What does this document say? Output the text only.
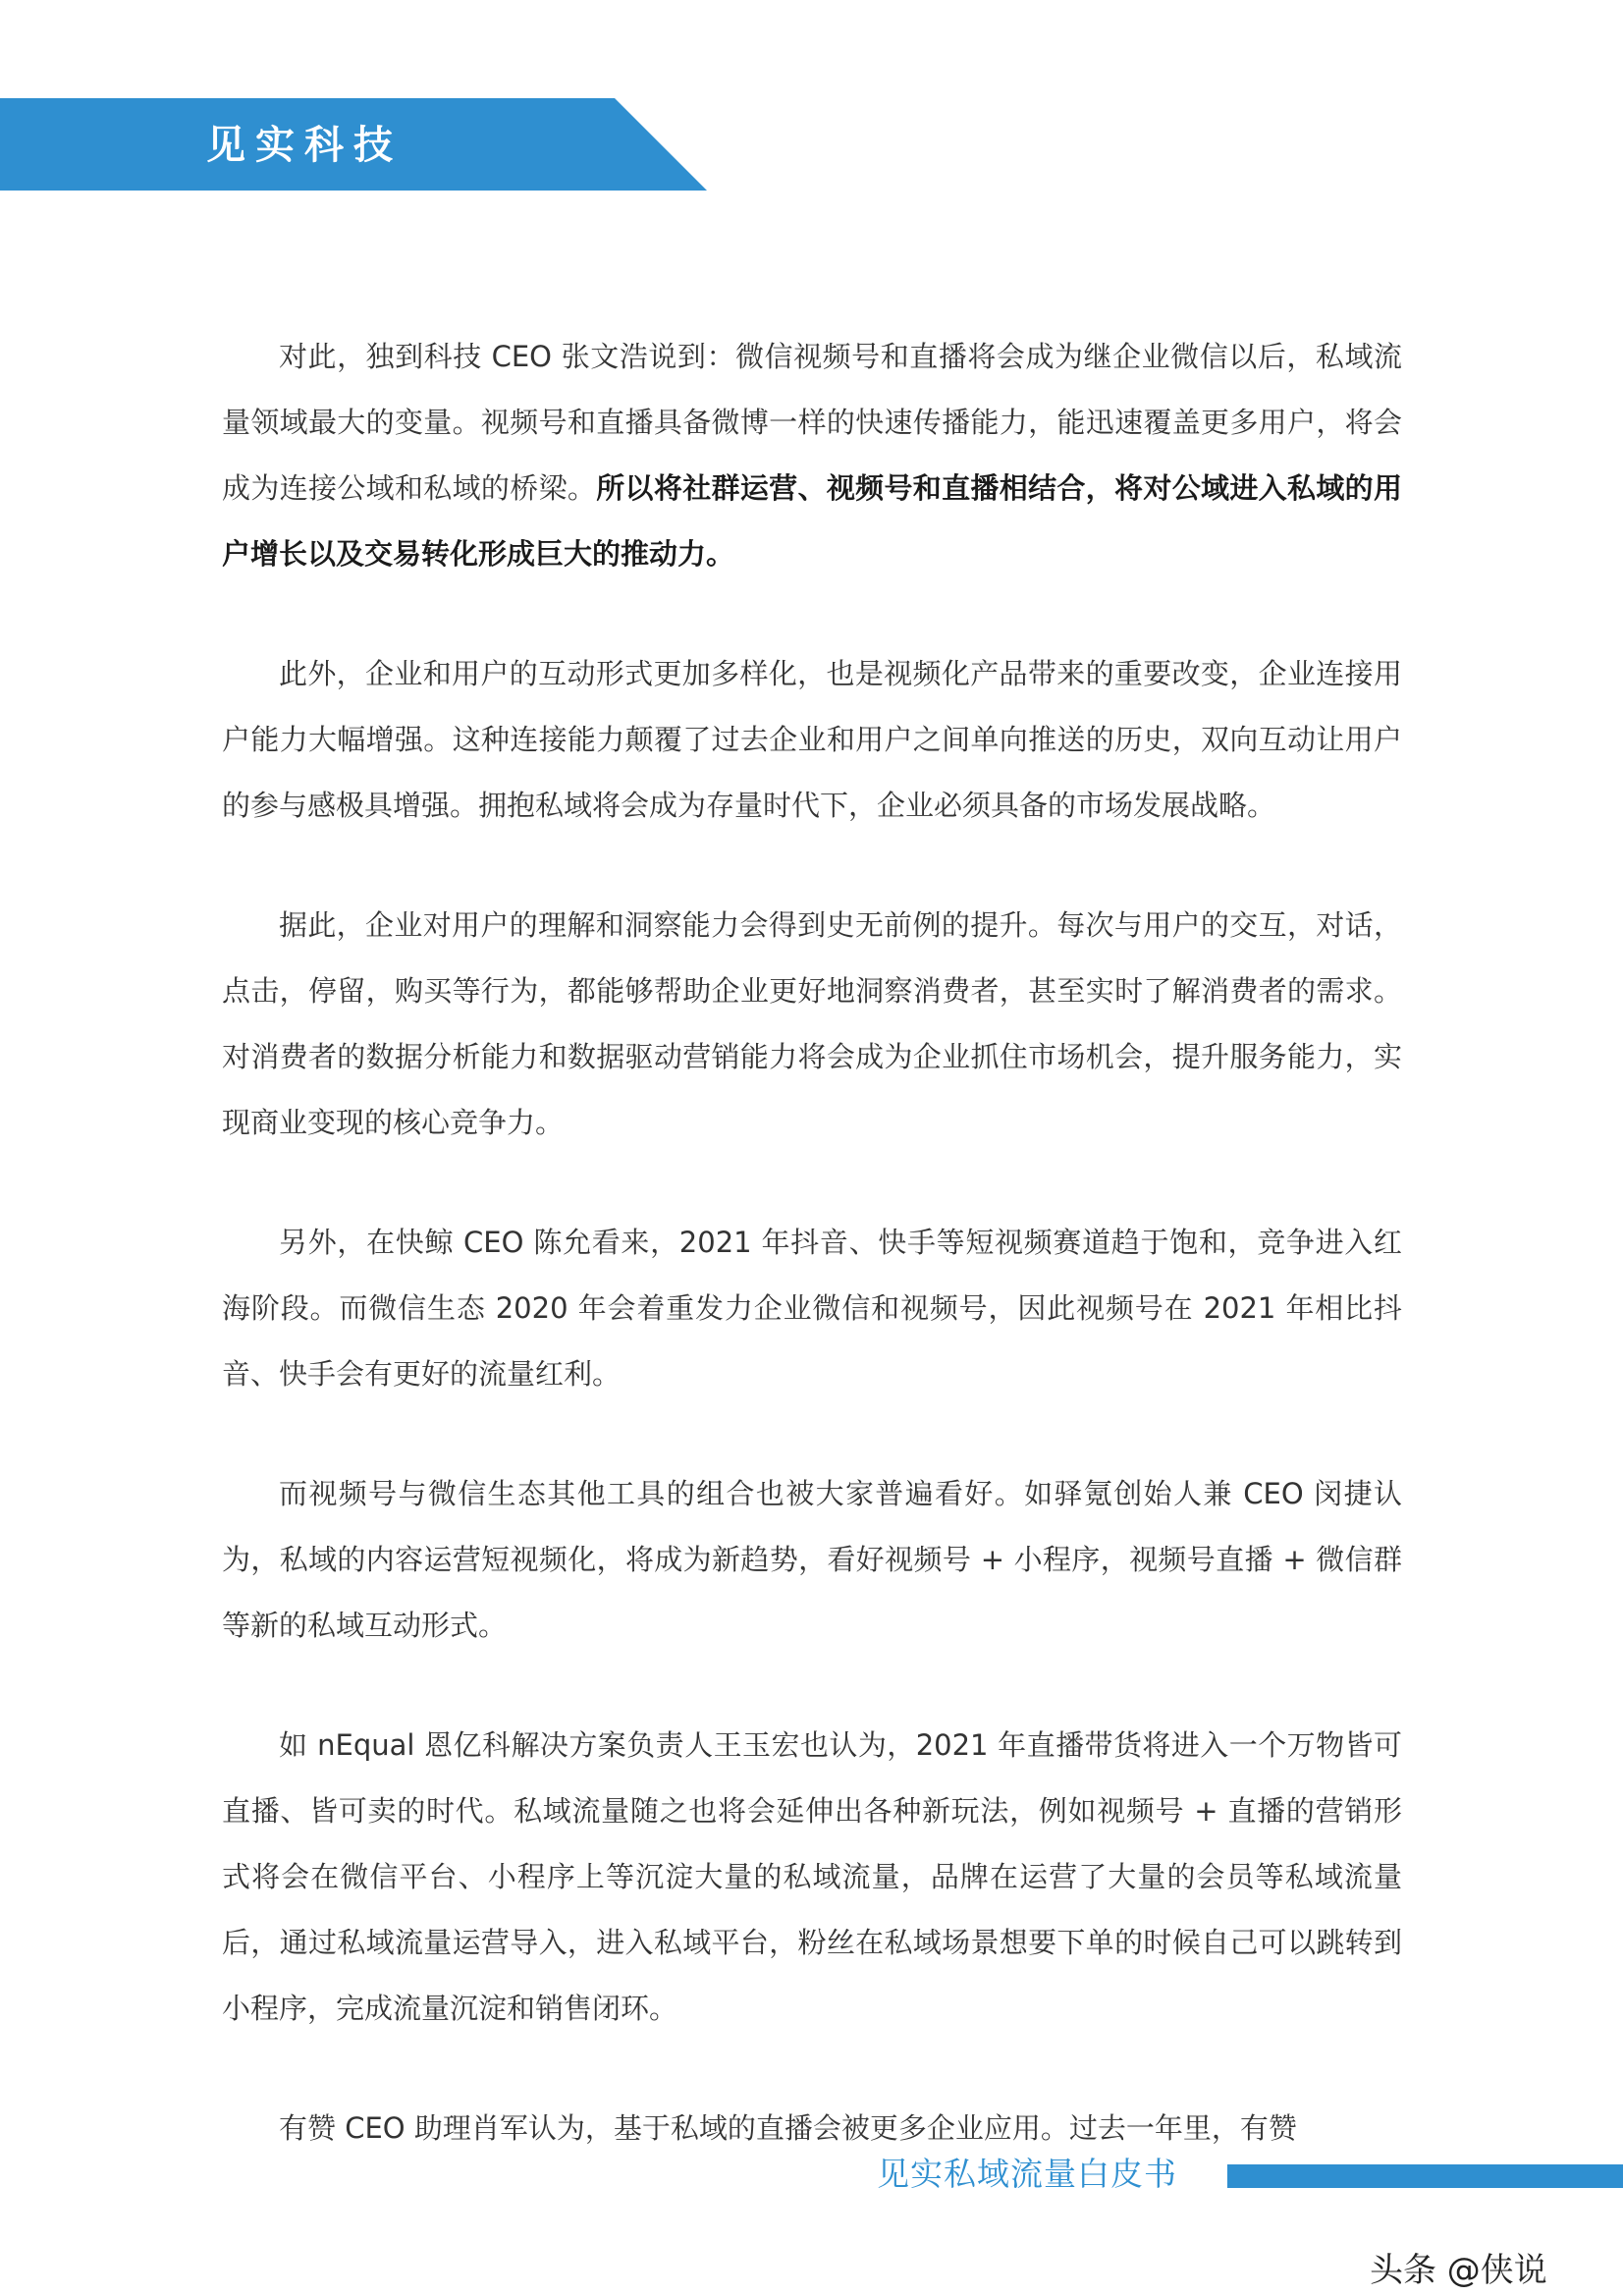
见实科技

对此，独到科技 CEO 张文浩说到：微信视频号和直播将会成为继企业微信以后，私域流量领域最大的变量。视频号和直播具备微博一样的快速传播能力，能迅速覆盖更多用户，将会成为连接公域和私域的桥梁。所以将社群运营、视频号和直播相结合，将对公域进入私域的用户增长以及交易转化形成巨大的推动力。

此外，企业和用户的互动形式更加多样化，也是视频化产品带来的重要改变，企业连接用户能力大幅增强。这种连接能力颠覆了过去企业和用户之间单向推送的历史，双向互动让用户的参与感极具增强。拥抱私域将会成为存量时代下，企业必须具备的市场发展战略。

据此，企业对用户的理解和洞察能力会得到史无前例的提升。每次与用户的交互，对话，点击，停留，购买等行为，都能够帮助企业更好地洞察消费者，甚至实时了解消费者的需求。对消费者的数据分析能力和数据驱动营销能力将会成为企业抓住市场机会，提升服务能力，实现商业变现的核心竞争力。

另外，在快鲸 CEO 陈允看来，2021 年抖音、快手等短视频赛道趋于饱和，竞争进入红海阶段。而微信生态 2020 年会着重发力企业微信和视频号，因此视频号在 2021 年相比抖音、快手会有更好的流量红利。

而视频号与微信生态其他工具的组合也被大家普遍看好。如驿氪创始人兼 CEO 闵捷认为，私域的内容运营短视频化，将成为新趋势，看好视频号 + 小程序，视频号直播 + 微信群等新的私域互动形式。

如 nEqual 恩亿科解决方案负责人王玉宏也认为，2021 年直播带货将进入一个万物皆可直播、皆可卖的时代。私域流量随之也将会延伸出各种新玩法，例如视频号 + 直播的营销形式将会在微信平台、小程序上等沉淀大量的私域流量，品牌在运营了大量的会员等私域流量后，通过私域流量运营导入，进入私域平台，粉丝在私域场景想要下单的时候自己可以跳转到小程序，完成流量沉淀和销售闭环。

有赞 CEO 助理肖军认为，基于私域的直播会被更多企业应用。过去一年里，有赞

见实私域流量白皮书
头条 @侠说
